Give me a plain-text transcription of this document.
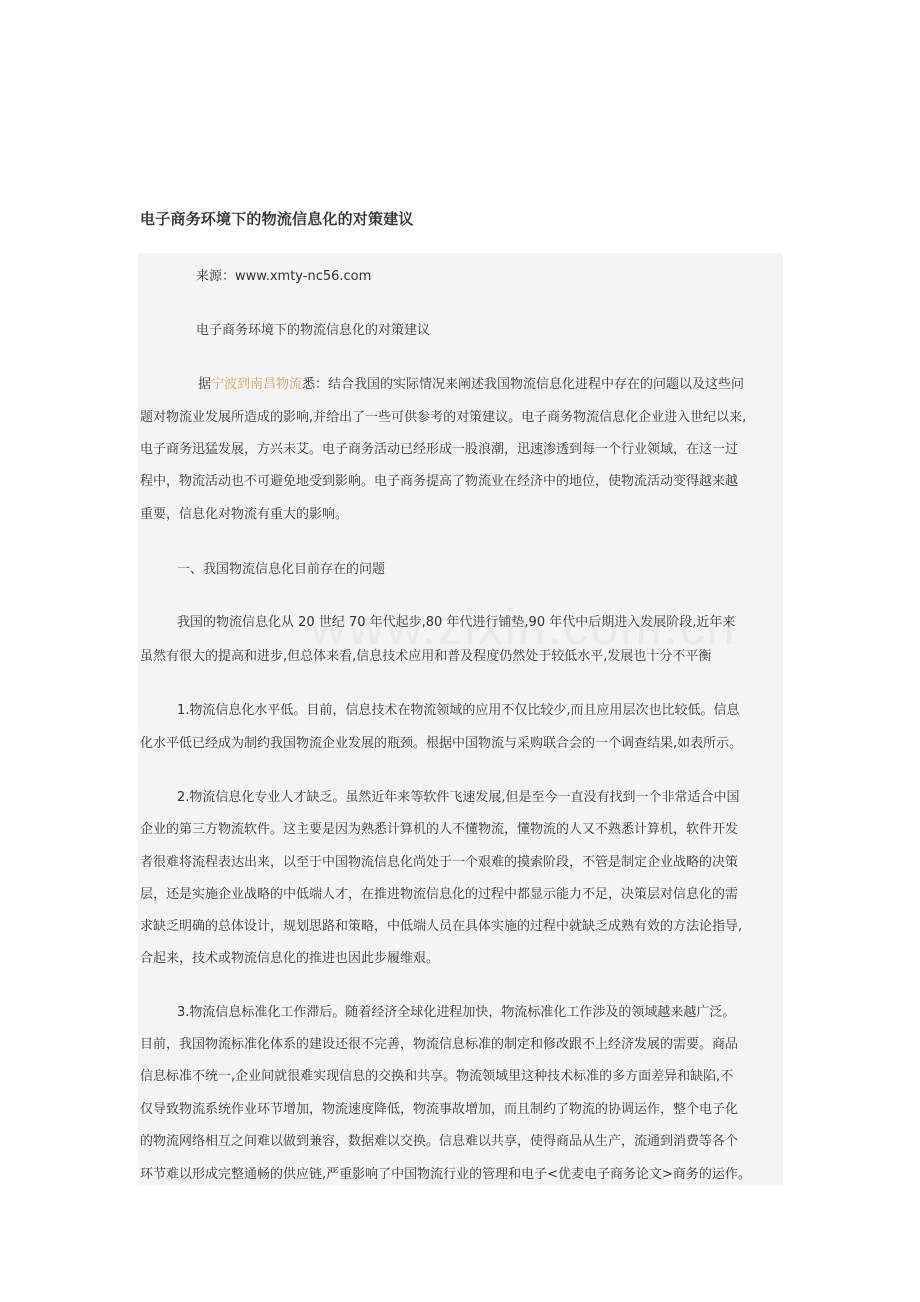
电子商务环境下的物流信息化的对策建议
来源：www.xmty-nc56.com
电子商务环境下的物流信息化的对策建议
据宁波到南昌物流悉：结合我国的实际情况来阐述我国物流信息化进程中存在的问题以及这些问
题对物流业发展所造成的影响,并给出了一些可供参考的对策建议。电子商务物流信息化企业进入世纪以来,
电子商务迅猛发展，方兴未艾。电子商务活动已经形成一股浪潮，迅速渗透到每一个行业领域，在这一过
程中，物流活动也不可避免地受到影响。电子商务提高了物流业在经济中的地位，使物流活动变得越来越
重要，信息化对物流有重大的影响。
一、我国物流信息化目前存在的问题
我国的物流信息化从 20 世纪 70 年代起步,80 年代进行铺垫,90 年代中后期进入发展阶段,近年来
虽然有很大的提高和进步,但总体来看,信息技术应用和普及程度仍然处于较低水平,发展也十分不平衡
1.物流信息化水平低。目前，信息技术在物流领域的应用不仅比较少,而且应用层次也比较低。信息
化水平低已经成为制约我国物流企业发展的瓶颈。根据中国物流与采购联合会的一个调查结果,如表所示。
2.物流信息化专业人才缺乏。虽然近年来等软件飞速发展,但是至今一直没有找到一个非常适合中国
企业的第三方物流软件。这主要是因为熟悉计算机的人不懂物流，懂物流的人又不熟悉计算机，软件开发
者很难将流程表达出来，以至于中国物流信息化尚处于一个艰难的摸索阶段，不管是制定企业战略的决策
层，还是实施企业战略的中低端人才，在推进物流信息化的过程中都显示能力不足，决策层对信息化的需
求缺乏明确的总体设计，规划思路和策略，中低端人员在具体实施的过程中就缺乏成熟有效的方法论指导,
合起来，技术或物流信息化的推进也因此步履维艰。
3.物流信息标准化工作滞后。随着经济全球化进程加快，物流标准化工作涉及的领域越来越广泛。
目前，我国物流标准化体系的建设还很不完善，物流信息标准的制定和修改跟不上经济发展的需要。商品
信息标准不统一,企业间就很难实现信息的交换和共享。物流领域里这种技术标准的多方面差异和缺陷,不
仅导致物流系统作业环节增加，物流速度降低，物流事故增加，而且制约了物流的协调运作，整个电子化
的物流网络相互之间难以做到兼容，数据难以交换。信息难以共享，使得商品从生产，流通到消费等各个
环节难以形成完整通畅的供应链,严重影响了中国物流行业的管理和电子<优麦电子商务论文>商务的运作。
